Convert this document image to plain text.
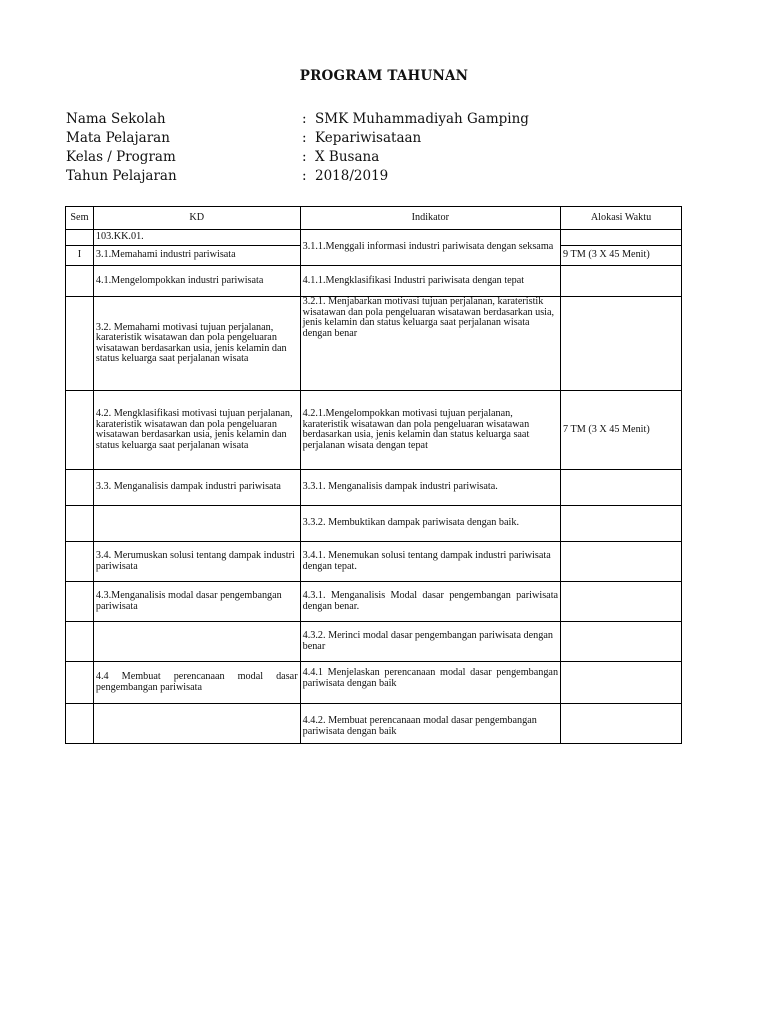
PROGRAM TAHUNAN
Nama Sekolah	: SMK Muhammadiyah Gamping
Mata Pelajaran	: Kepariwisataan
Kelas / Program	: X Busana
Tahun Pelajaran	: 2018/2019
Sem	KD	Indikator	Alokasi Waktu
	103.KK.01.	3.1.1.Menggali informasi industri pariwisata dengan seksama	
I	3.1.Memahami industri pariwisata		9 TM (3 X 45 Menit)
	4.1.Mengelompokkan industri pariwisata	4.1.1.Mengklasifikasi Industri pariwisata dengan tepat	
	3.2. Memahami motivasi tujuan perjalanan, karateristik wisatawan dan pola pengeluaran wisatawan berdasarkan usia, jenis kelamin dan status keluarga saat perjalanan wisata	3.2.1. Menjabarkan motivasi tujuan perjalanan, karateristik wisatawan dan pola pengeluaran wisatawan berdasarkan usia, jenis kelamin dan status keluarga saat perjalanan wisata dengan benar	
	4.2. Mengklasifikasi motivasi tujuan perjalanan, karateristik wisatawan dan pola pengeluaran wisatawan berdasarkan usia, jenis kelamin dan status keluarga saat perjalanan wisata	4.2.1.Mengelompokkan motivasi tujuan perjalanan, karateristik wisatawan dan pola pengeluaran wisatawan berdasarkan usia, jenis kelamin dan status keluarga saat perjalanan wisata dengan tepat	7 TM (3 X 45 Menit)
	3.3. Menganalisis dampak industri pariwisata	3.3.1. Menganalisis dampak industri pariwisata.	
		3.3.2. Membuktikan dampak pariwisata dengan baik.	
	3.4. Merumuskan solusi tentang dampak industri pariwisata	3.4.1. Menemukan solusi tentang dampak industri pariwisata dengan tepat.	
	4.3.Menganalisis modal dasar pengembangan pariwisata	4.3.1. Menganalisis Modal dasar pengembangan pariwisata dengan benar.	
		4.3.2. Merinci modal dasar pengembangan pariwisata dengan benar	
	4.4 Membuat perencanaan modal dasar pengembangan pariwisata	4.4.1 Menjelaskan perencanaan modal dasar pengembangan pariwisata dengan baik	
		4.4.2. Membuat perencanaan modal dasar pengembangan pariwisata dengan baik	
